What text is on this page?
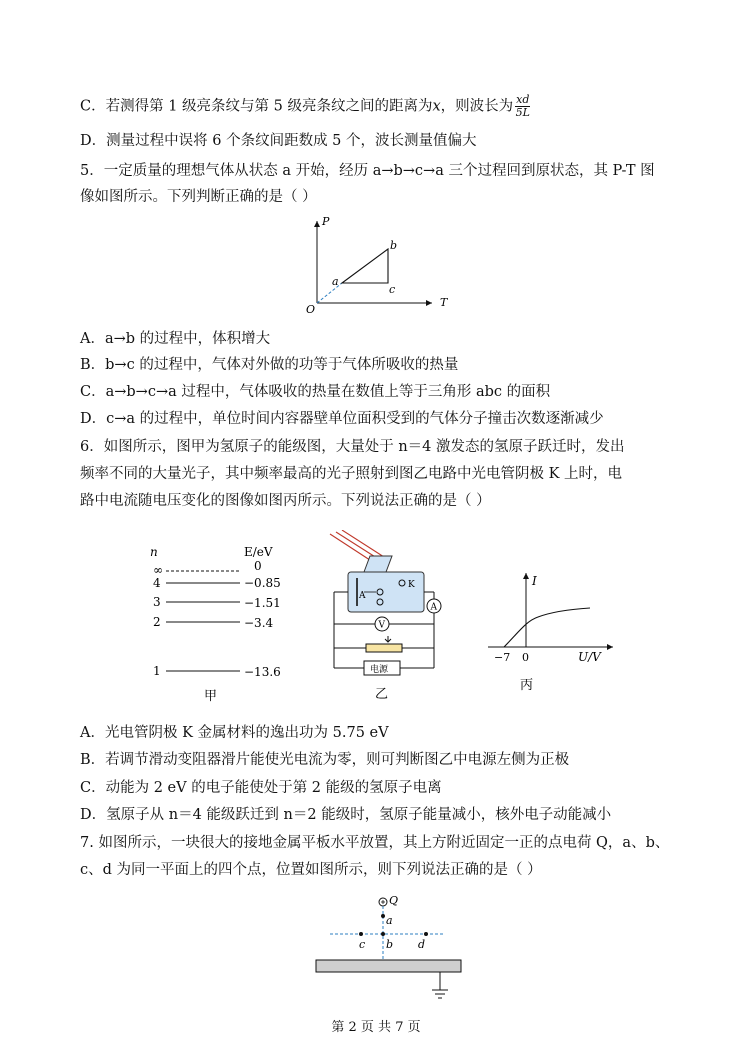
C．若测得第 1 级亮条纹与第 5 级亮条纹之间的距离为x，则波长为 $\frac{xd}{5L}$
D．测量过程中误将 6 个条纹间距数成 5 个，波长测量值偏大
5．一定质量的理想气体从状态 a 开始，经历 a→b→c→a 三个过程回到原状态，其 P-T 图
像如图所示。下列判断正确的是（ ）
P
T
O
a
b
c
A．a→b 的过程中，体积增大
B．b→c 的过程中，气体对外做的功等于气体所吸收的热量
C．a→b→c→a 过程中，气体吸收的热量在数值上等于三角形 abc 的面积
D．c→a 的过程中，单位时间内容器壁单位面积受到的气体分子撞击次数逐渐减少
6．如图所示，图甲为氢原子的能级图，大量处于 n＝4 激发态的氢原子跃迁时，发出
频率不同的大量光子，其中频率最高的光子照射到图乙电路中光电管阴极 K 上时，电
路中电流随电压变化的图像如图丙所示。下列说法正确的是（ ）
n	E/eV
∞	0
4	−0.85
3	−1.51
2	−3.4
1	−13.6
甲
K
A
A
V
电源
乙
I
−7 0	U/V
丙
A．光电管阴极 K 金属材料的逸出功为 5.75 eV
B．若调节滑动变阻器滑片能使光电流为零，则可判断图乙中电源左侧为正极
C．动能为 2 eV 的电子能使处于第 2 能级的氢原子电离
D．氢原子从 n＝4 能级跃迁到 n＝2 能级时，氢原子能量减小，核外电子动能减小
7. 如图所示，一块很大的接地金属平板水平放置，其上方附近固定一正的点电荷 Q，a、b、
c、d 为同一平面上的四个点，位置如图所示，则下列说法正确的是（ ）
Q
a
b
c	d
第 2 页 共 7 页
